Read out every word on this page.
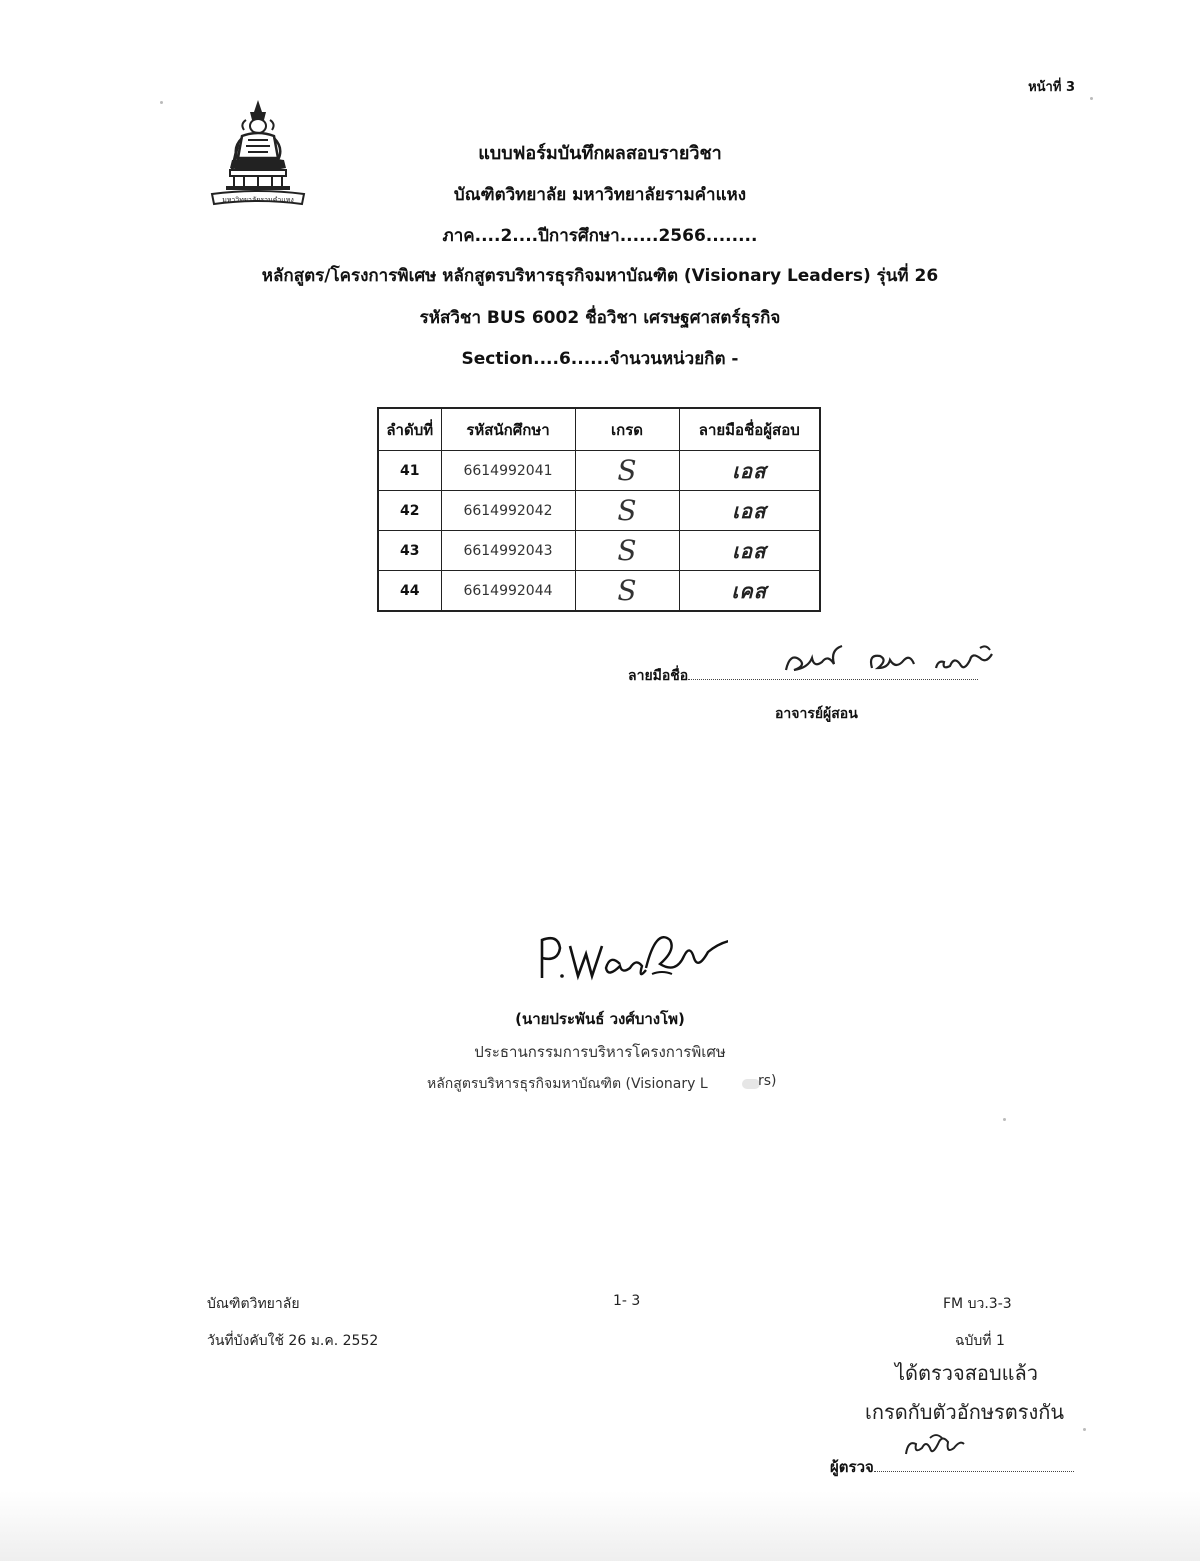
หน้าที่ 3
มหาวิทยาลัยรามคำแหง
แบบฟอร์มบันทึกผลสอบรายวิชา
บัณฑิตวิทยาลัย มหาวิทยาลัยรามคำแหง
ภาค....2....ปีการศึกษา......2566........
หลักสูตร/โครงการพิเศษ หลักสูตรบริหารธุรกิจมหาบัณฑิต (Visionary Leaders) รุ่นที่ 26
รหัสวิชา BUS 6002 ชื่อวิชา เศรษฐศาสตร์ธุรกิจ
Section....6......จำนวนหน่วยกิต -
ลำดับที่	รหัสนักศึกษา	เกรด	ลายมือชื่อผู้สอบ
41	6614992041	S	เอส
42	6614992042	S	เอส
43	6614992043	S	เอส
44	6614992044	S	เคส
ลายมือชื่อ
อาจารย์ผู้สอน
(นายประพันธ์ วงศ์บางโพ)
ประธานกรรมการบริหารโครงการพิเศษ
หลักสูตรบริหารธุรกิจมหาบัณฑิต (Visionary L	rs)
บัณฑิตวิทยาลัย
วันที่บังคับใช้ 26 ม.ค. 2552
1- 3	FM บว.3-3
ฉบับที่ 1
ได้ตรวจสอบแล้ว
เกรดกับตัวอักษรตรงกัน
ผู้ตรวจ
